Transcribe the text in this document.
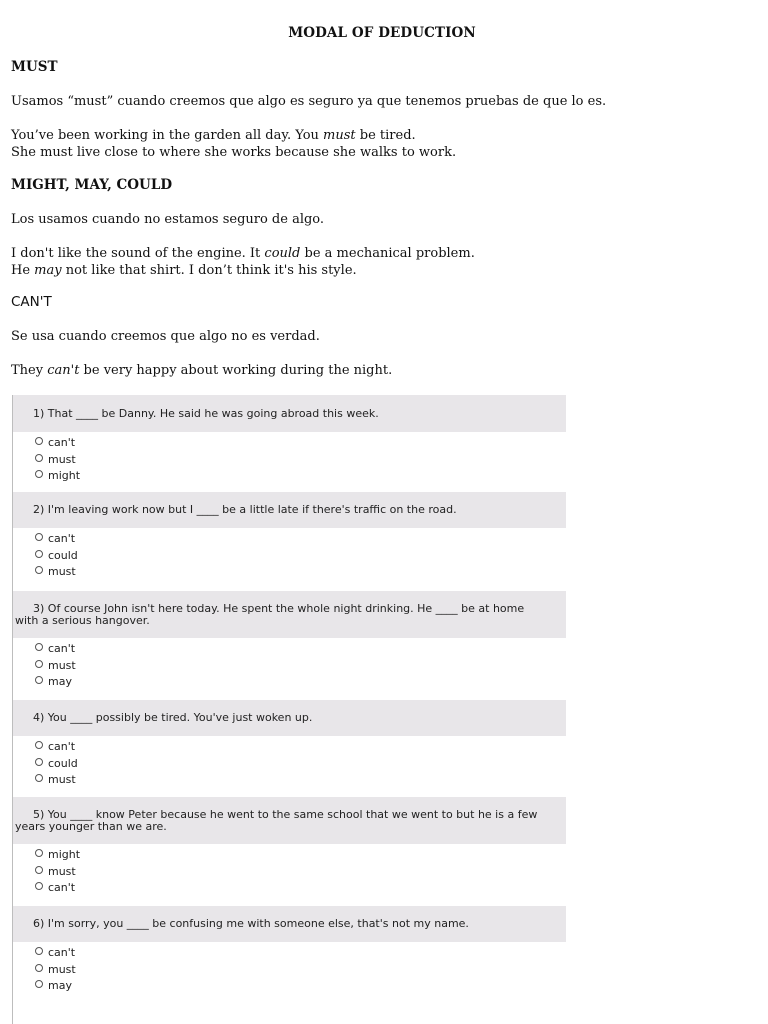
MODAL OF DEDUCTION
MUST
Usamos “must” cuando creemos que algo es seguro ya que tenemos pruebas de que lo es.
You’ve been working in the garden all day. You must be tired.
She must live close to where she works because she walks to work.
MIGHT, MAY, COULD
Los usamos cuando no estamos seguro de algo.
I don't like the sound of the engine. It could be a mechanical problem.
He may not like that shirt. I don’t think it's his style.
CAN'T
Se usa cuando creemos que algo no es verdad.
They can't be very happy about working during the night.
1) That ____ be Danny. He said he was going abroad this week.
can't
must
might
2) I'm leaving work now but I ____ be a little late if there's traffic on the road.
can't
could
must
3) Of course John isn't here today. He spent the whole night drinking. He ____ be at home
with a serious hangover.
can't
must
may
4) You ____ possibly be tired. You've just woken up.
can't
could
must
5) You ____ know Peter because he went to the same school that we went to but he is a few
years younger than we are.
might
must
can't
6) I'm sorry, you ____ be confusing me with someone else, that's not my name.
can't
must
may
